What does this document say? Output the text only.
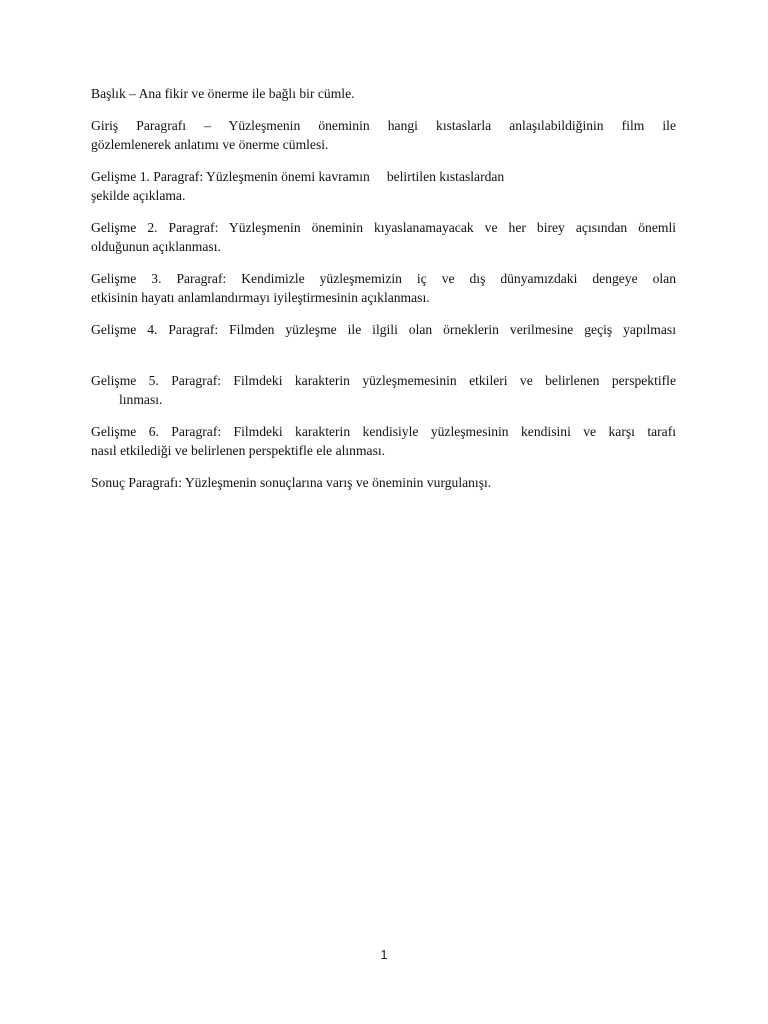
Başlık – Ana fikir ve önerme ile bağlı bir cümle.

Giriş Paragrafı – Yüzleşmenin öneminin hangi kıstaslarla anlaşılabildiğinin film ile
gözlemlenerek anlatımı ve önerme cümlesi.

Gelişme 1. Paragraf: Yüzleşmenin önemi kavramın     belirtilen kıstaslardan
şekilde açıklama.

Gelişme 2. Paragraf: Yüzleşmenin öneminin kıyaslanamayacak ve her birey açısından önemli
olduğunun açıklanması.

Gelişme 3. Paragraf: Kendimizle yüzleşmemizin iç ve dış dünyamızdaki dengeye olan
etkisinin hayatı anlamlandırmayı iyileştirmesinin açıklanması.

Gelişme 4. Paragraf: Filmden yüzleşme ile ilgili olan örneklerin verilmesine geçiş yapılması

Gelişme 5. Paragraf: Filmdeki karakterin yüzleşmemesinin etkileri ve belirlenen perspektifle
lınması.

Gelişme 6. Paragraf: Filmdeki karakterin kendisiyle yüzleşmesinin kendisini ve karşı tarafı
nasıl etkilediği ve belirlenen perspektifle ele alınması.

Sonuç Paragrafı: Yüzleşmenin sonuçlarına varış ve öneminin vurgulanışı.

1
